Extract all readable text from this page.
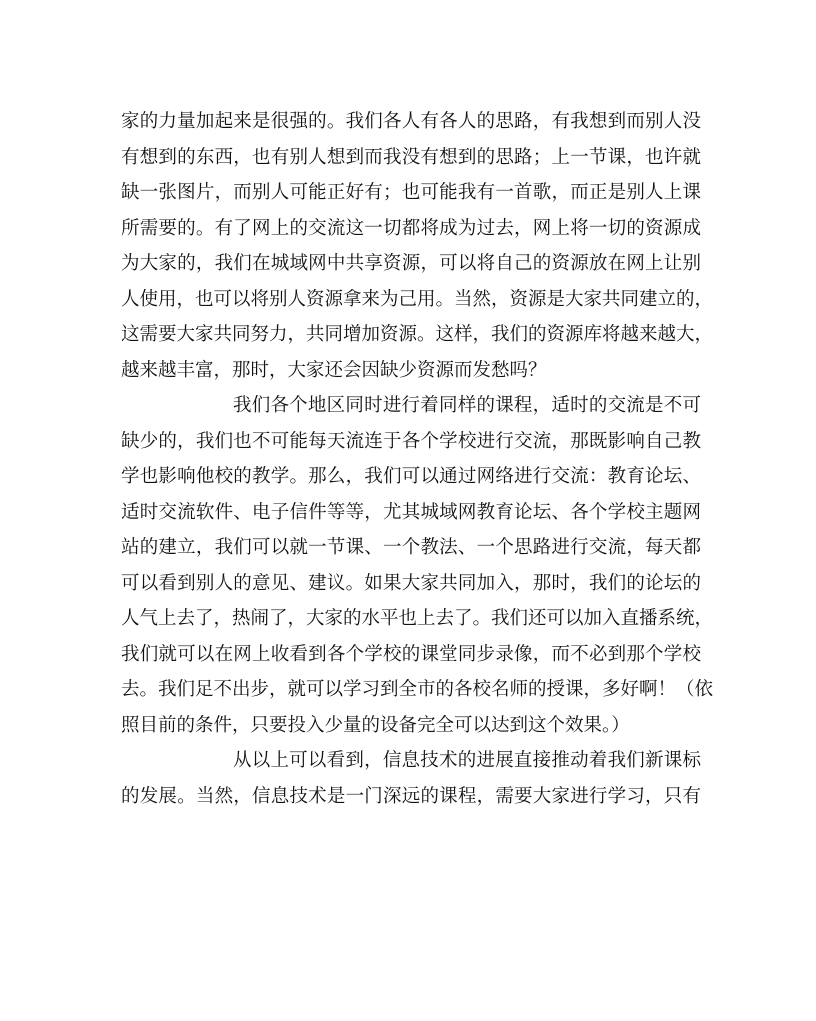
家的力量加起来是很强的。我们各人有各人的思路，有我想到而别人没
有想到的东西，也有别人想到而我没有想到的思路；上一节课，也许就
缺一张图片，而别人可能正好有；也可能我有一首歌，而正是别人上课
所需要的。有了网上的交流这一切都将成为过去，网上将一切的资源成
为大家的，我们在城域网中共享资源，可以将自己的资源放在网上让别
人使用，也可以将别人资源拿来为己用。当然，资源是大家共同建立的，
这需要大家共同努力，共同增加资源。这样，我们的资源库将越来越大，
越来越丰富，那时，大家还会因缺少资源而发愁吗？
我们各个地区同时进行着同样的课程，适时的交流是不可
缺少的，我们也不可能每天流连于各个学校进行交流，那既影响自己教
学也影响他校的教学。那么，我们可以通过网络进行交流：教育论坛、
适时交流软件、电子信件等等，尤其城域网教育论坛、各个学校主题网
站的建立，我们可以就一节课、一个教法、一个思路进行交流，每天都
可以看到别人的意见、建议。如果大家共同加入，那时，我们的论坛的
人气上去了，热闹了，大家的水平也上去了。我们还可以加入直播系统，
我们就可以在网上收看到各个学校的课堂同步录像，而不必到那个学校
去。我们足不出步，就可以学习到全市的各校名师的授课，多好啊！（依
照目前的条件，只要投入少量的设备完全可以达到这个效果。）
从以上可以看到，信息技术的进展直接推动着我们新课标
的发展。当然，信息技术是一门深远的课程，需要大家进行学习，只有
